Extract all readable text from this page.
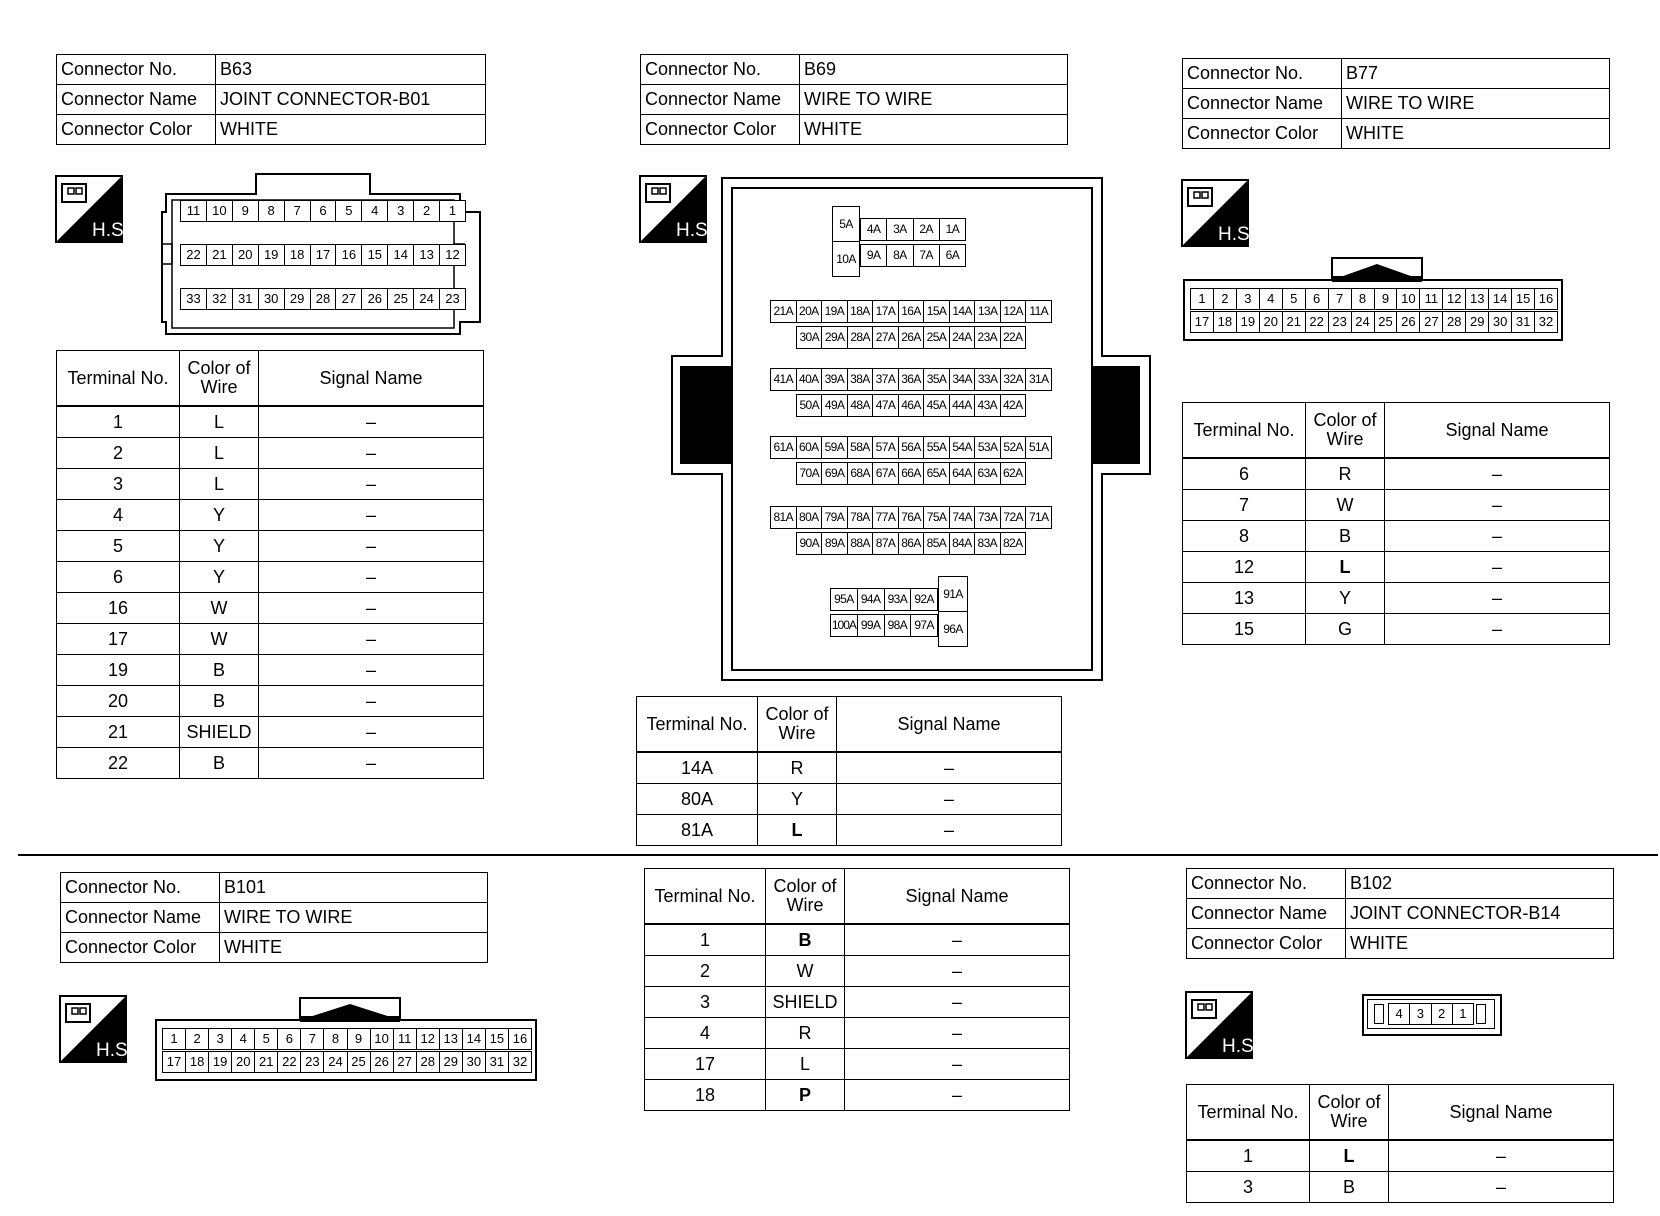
Connector No.	B63
Connector Name	JOINT CONNECTOR-B01
Connector Color	WHITE
H.S.
11 10	9	8	7	6	5	4	3	2	1
22 21 20 19 18 17 16 15 14 13 12
33 32 31 30 29 28 27 26 25 24 23
Terminal No.	Color of
Wire	Signal Name
1	L	–
2	L	–
3	L	–
4	Y	–
5	Y	–
6	Y	–
16	W	–
17	W	–
19	B	–
20	B	–
21	SHIELD	–
22	B	–
Connector No.	B69
Connector Name	WIRE TO WIRE
Connector Color	WHITE
H.S.	5A
10A
4A	3A	2A	1A
9A	8A	7A	6A
21A 20A 19A 18A 17A 16A 15A 14A 13A 12A 11A
30A 29A 28A 27A 26A 25A 24A 23A 22A
41A 40A 39A 38A 37A 36A 35A 34A 33A 32A 31A
50A 49A 48A 47A 46A 45A 44A 43A 42A
61A 60A 59A 58A 57A 56A 55A 54A 53A 52A 51A
70A 69A 68A 67A 66A 65A 64A 63A 62A
81A 80A 79A 78A 77A 76A 75A 74A 73A 72A 71A
90A 89A 88A 87A 86A 85A 84A 83A 82A
95A 94A 93A 92A
100A 99A 98A 97A
91A
96A
Terminal No.	Color of
Wire	Signal Name
14A	R	–
80A	Y	–
81A	L	–
Connector No.	B77
Connector Name	WIRE TO WIRE
Connector Color	WHITE
H.S.
1	2	3	4	5	6	7	8	9 10 11 12 13 14 15 16
17 18 19 20 21 22 23 24 25 26 27 28 29 30 31 32
Terminal No.	Color of
Wire	Signal Name
6	R	–
7	W	–
8	B	–
12	L	–
13	Y	–
15	G	–
Connector No.	B101
Connector Name	WIRE TO WIRE
Connector Color	WHITE
H.S.
1	2	3	4	5	6	7	8	9 10 11 12 13 14 15 16
17 18 19 20 21 22 23 24 25 26 27 28 29 30 31 32
Terminal No.	Color of
Wire	Signal Name
1	B	–
2	W	–
3	SHIELD	–
4	R	–
17	L	–
18	P	–
Connector No.	B102
Connector Name	JOINT CONNECTOR-B14
Connector Color	WHITE
H.S.
4	3	2	1
Terminal No.	Color of
Wire	Signal Name
1	L	–
3	B	–
